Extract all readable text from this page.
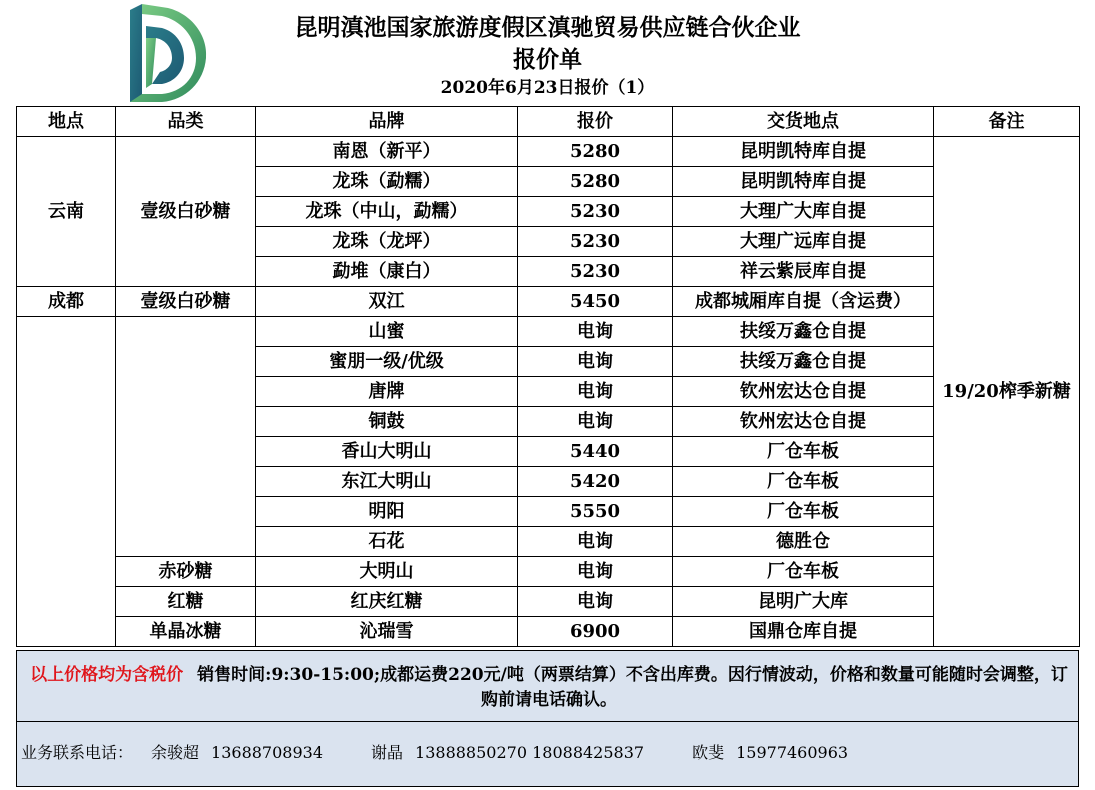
昆明滇池国家旅游度假区滇驰贸易供应链合伙企业
报价单
2020年6月23日报价（1）
地点	品类	品牌	报价	交货地点	备注
云南	壹级白砂糖	南恩（新平）	5280	昆明凯特库自提	19/20榨季新糖
		龙珠（勐糯）	5280	昆明凯特库自提	
		龙珠（中山，勐糯）	5230	大理广大库自提	
		龙珠（龙坪）	5230	大理广远库自提	
		勐堆（康白）	5230	祥云紫辰库自提	
成都	壹级白砂糖	双江	5450	成都城厢库自提（含运费）	
		山蜜	电询	扶绥万鑫仓自提	
		蜜朋一级/优级	电询	扶绥万鑫仓自提	
		唐牌	电询	钦州宏达仓自提	
		铜鼓	电询	钦州宏达仓自提	
		香山大明山	5440	厂仓车板	
		东江大明山	5420	厂仓车板	
		明阳	5550	厂仓车板	
		石花	电询	德胜仓	
	赤砂糖	大明山	电询	厂仓车板	
	红糖	红庆红糖	电询	昆明广大库	
	单晶冰糖	沁瑞雪	6900	国鼎仓库自提	
以上价格均为含税价 销售时间:9:30-15:00;成都运费220元/吨（两票结算）不含出库费。因行情波动，价格和数量可能随时会调整，订购前请电话确认。
业务联系电话： 余骏超 13688708934	谢晶 13888850270 18088425837	欧斐 15977460963
